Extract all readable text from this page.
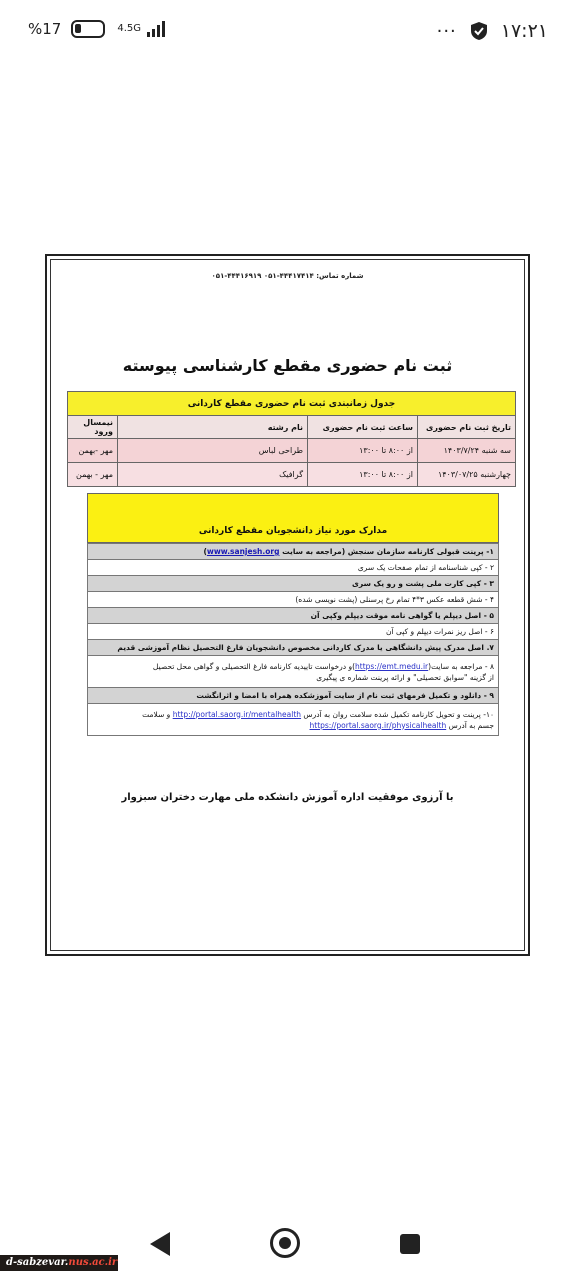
%17	4.5G	··· ۱۷:۲۱
شماره تماس: ۴۴۴۱۷۴۱۴-۰۵۱ ۴۴۴۱۶۹۱۹-۰۵۱
ثبت نام حضوری مقطع کارشناسی پیوسته
جدول زمانبندی ثبت نام حضوری مقطع کاردانی			
تاریخ ثبت نام حضوری	ساعت ثبت نام حضوری	نام رشته	نیمسال ورود
سه شنبه ۱۴۰۳/۷/۲۴	از ۸:۰۰ تا ۱۳:۰۰	طراحی لباس	مهر -بهمن
چهارشنبه ۱۴۰۳/۰۷/۲۵	از ۸:۰۰ تا ۱۳:۰۰	گرافیک	مهر - بهمن
مدارک مورد نیاز دانشجویان مقطع کاردانی
۱- پرینت قبولی کارنامه سازمان سنجش (مراجعه به سایت www.sanjesh.org)
۲ - کپی شناسنامه از تمام صفحات یک سری
۳ - کپی کارت ملی پشت و رو یک سری
۴ - شش قطعه عکس ۳*۴ تمام رخ پرسنلی (پشت نویسی شده)
۵ - اصل دیپلم یا گواهی نامه موقت دیپلم وکپی آن
۶ - اصل ریز نمرات دیپلم و کپی آن
۷. اصل مدرک پیش دانشگاهی یا مدرک کاردانی مخصوص دانشجویان فارغ التحصیل نظام آموزشی قدیم

۸ - مراجعه به سایت(https://emt.medu.ir)و درخواست تاییدیه کارنامه فارغ التحصیلی و گواهی محل تحصیل
از گزینه "سوابق تحصیلی" و ارائه پرینت شماره ی پیگیری

۹ - دانلود و تکمیل فرمهای ثبت نام از سایت آموزشکده همراه با امضا و اثرانگشت

۱۰- پرینت و تحویل کارنامه تکمیل شده سلامت روان به آدرس http://portal.saorg.ir/mentalhealth و سلامت
جسم به آدرس https://portal.saorg.ir/physicalhealth
با آرزوی موفقیت اداره آموزش دانشکده ملی مهارت دختران سبزوار
d-sabzevar.nus.ac.ir
